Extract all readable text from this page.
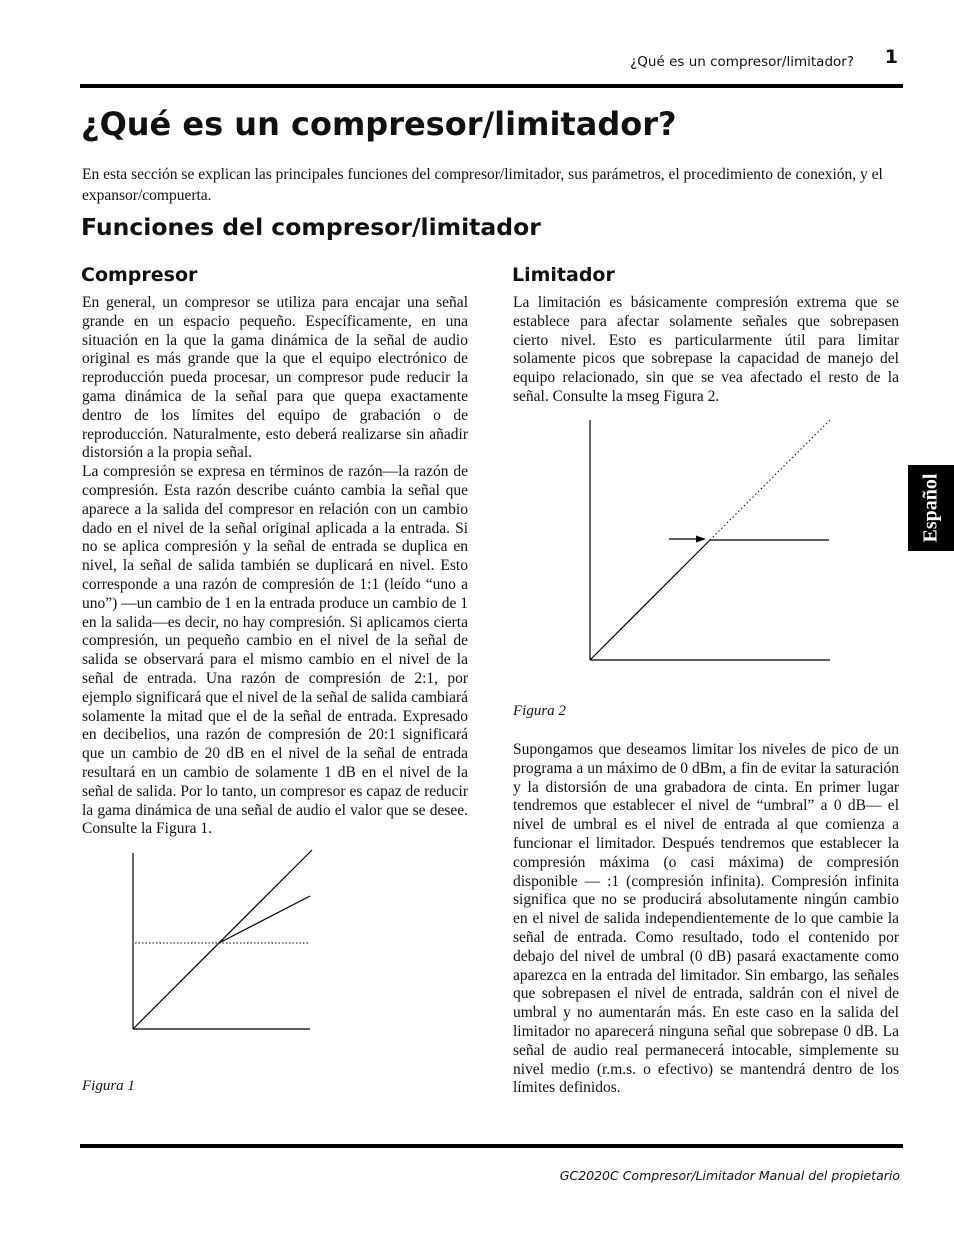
¿Qué es un compresor/limitador?	1
¿Qué es un compresor/limitador?

En esta sección se explican las principales funciones del compresor/limitador, sus parámetros, el procedimiento de conexión, y el expansor/compuerta.

Funciones del compresor/limitador
Compresor

En general, un compresor se utiliza para encajar una señal grande en un espacio pequeño. Específicamente, en una situación en la que la gama dinámica de la señal de audio original es más grande que la que el equipo electrónico de reproducción pueda procesar, un compresor pude reducir la gama dinámica de la señal para que quepa exactamente dentro de los límites del equipo de grabación o de reproducción. Naturalmente, esto deberá realizarse sin añadir distorsión a la propia señal.

La compresión se expresa en términos de razón—la razón de compresión. Esta razón describe cuánto cambia la señal que aparece a la salida del compresor en relación con un cambio dado en el nivel de la señal original aplicada a la entrada. Si no se aplica compresión y la señal de entrada se duplica en nivel, la señal de salida también se duplicará en nivel. Esto corresponde a una razón de compresión de 1:1 (leído “uno a uno”) —un cambio de 1 en la entrada produce un cambio de 1 en la salida—es decir, no hay compresión. Si aplicamos cierta compresión, un pequeño cambio en el nivel de la señal de salida se observará para el mismo cambio en el nivel de la señal de entrada. Una razón de compresión de 2:1, por ejemplo significará que el nivel de la señal de salida cambiará solamente la mitad que el de la señal de entrada. Expresado en decibelios, una razón de compresión de 20:1 significará que un cambio de 20 dB en el nivel de la señal de entrada resultará en un cambio de solamente 1 dB en el nivel de la señal de salida. Por lo tanto, un compresor es capaz de reducir la gama dinámica de una señal de audio el valor que se desee. Consulte la Figura 1.

Figura 1
Limitador

La limitación es básicamente compresión extrema que se establece para afectar solamente señales que sobrepasen cierto nivel. Esto es particularmente útil para limitar solamente picos que sobrepase la capacidad de manejo del equipo relacionado, sin que se vea afectado el resto de la señal. Consulte la mseg Figura 2.

Figura 2

Supongamos que deseamos limitar los niveles de pico de un programa a un máximo de 0 dBm, a fin de evitar la saturación y la distorsión de una grabadora de cinta. En primer lugar tendremos que establecer el nivel de “umbral” a 0 dB— el nivel de umbral es el nivel de entrada al que comienza a funcionar el limitador. Después tendremos que establecer la compresión máxima (o casi máxima) de compresión disponible — :1 (compresión infinita). Compresión infinita significa que no se producirá absolutamente ningún cambio en el nivel de salida independientemente de lo que cambie la señal de entrada. Como resultado, todo el contenido por debajo del nivel de umbral (0 dB) pasará exactamente como aparezca en la entrada del limitador. Sin embargo, las señales que sobrepasen el nivel de entrada, saldrán con el nivel de umbral y no aumentarán más. En este caso en la salida del limitador no aparecerá ninguna señal que sobrepase 0 dB. La señal de audio real permanecerá intocable, simplemente su nivel medio (r.m.s. o efectivo) se mantendrá dentro de los límites definidos.

Español
GC2020C Compresor/Limitador Manual del propietario
